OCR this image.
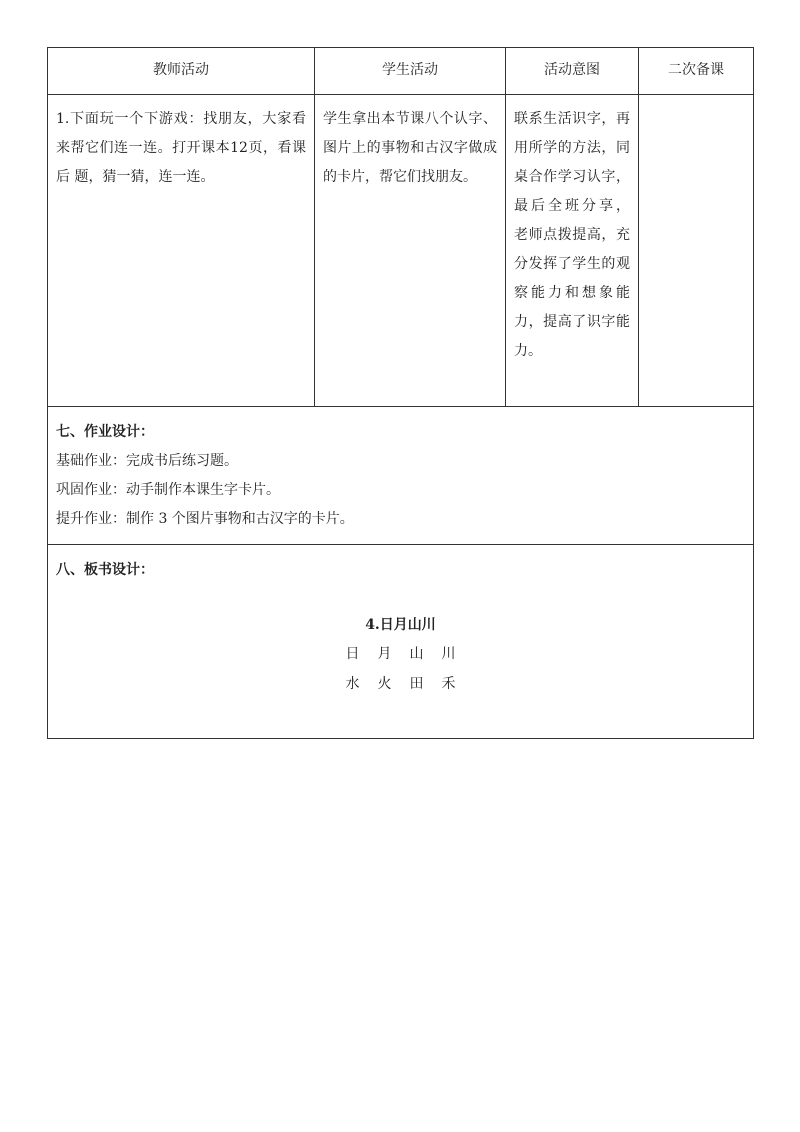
教师活动	学生活动	活动意图	二次备课

1.下面玩一个下游戏：找朋友，大家看来帮它们连一连。打开课本12页，看课后 题，猜一猜，连一连。	学生拿出本节课八个认字、图片上的事物和古汉字做成的卡片，帮它们找朋友。	联系生活识字，再用所学的方法，同桌合作学习认字，最后全班分享， 老师点拨提高，充分发挥了学生的观察能力和想象能力，提高了识字能力。	

七、作业设计：
基础作业：完成书后练习题。
巩固作业：动手制作本课生字卡片。
提升作业：制作 3 个图片事物和古汉字的卡片。			

八、板书设计：
4.日月山川
日 月 山 川
水 火 田 禾			
